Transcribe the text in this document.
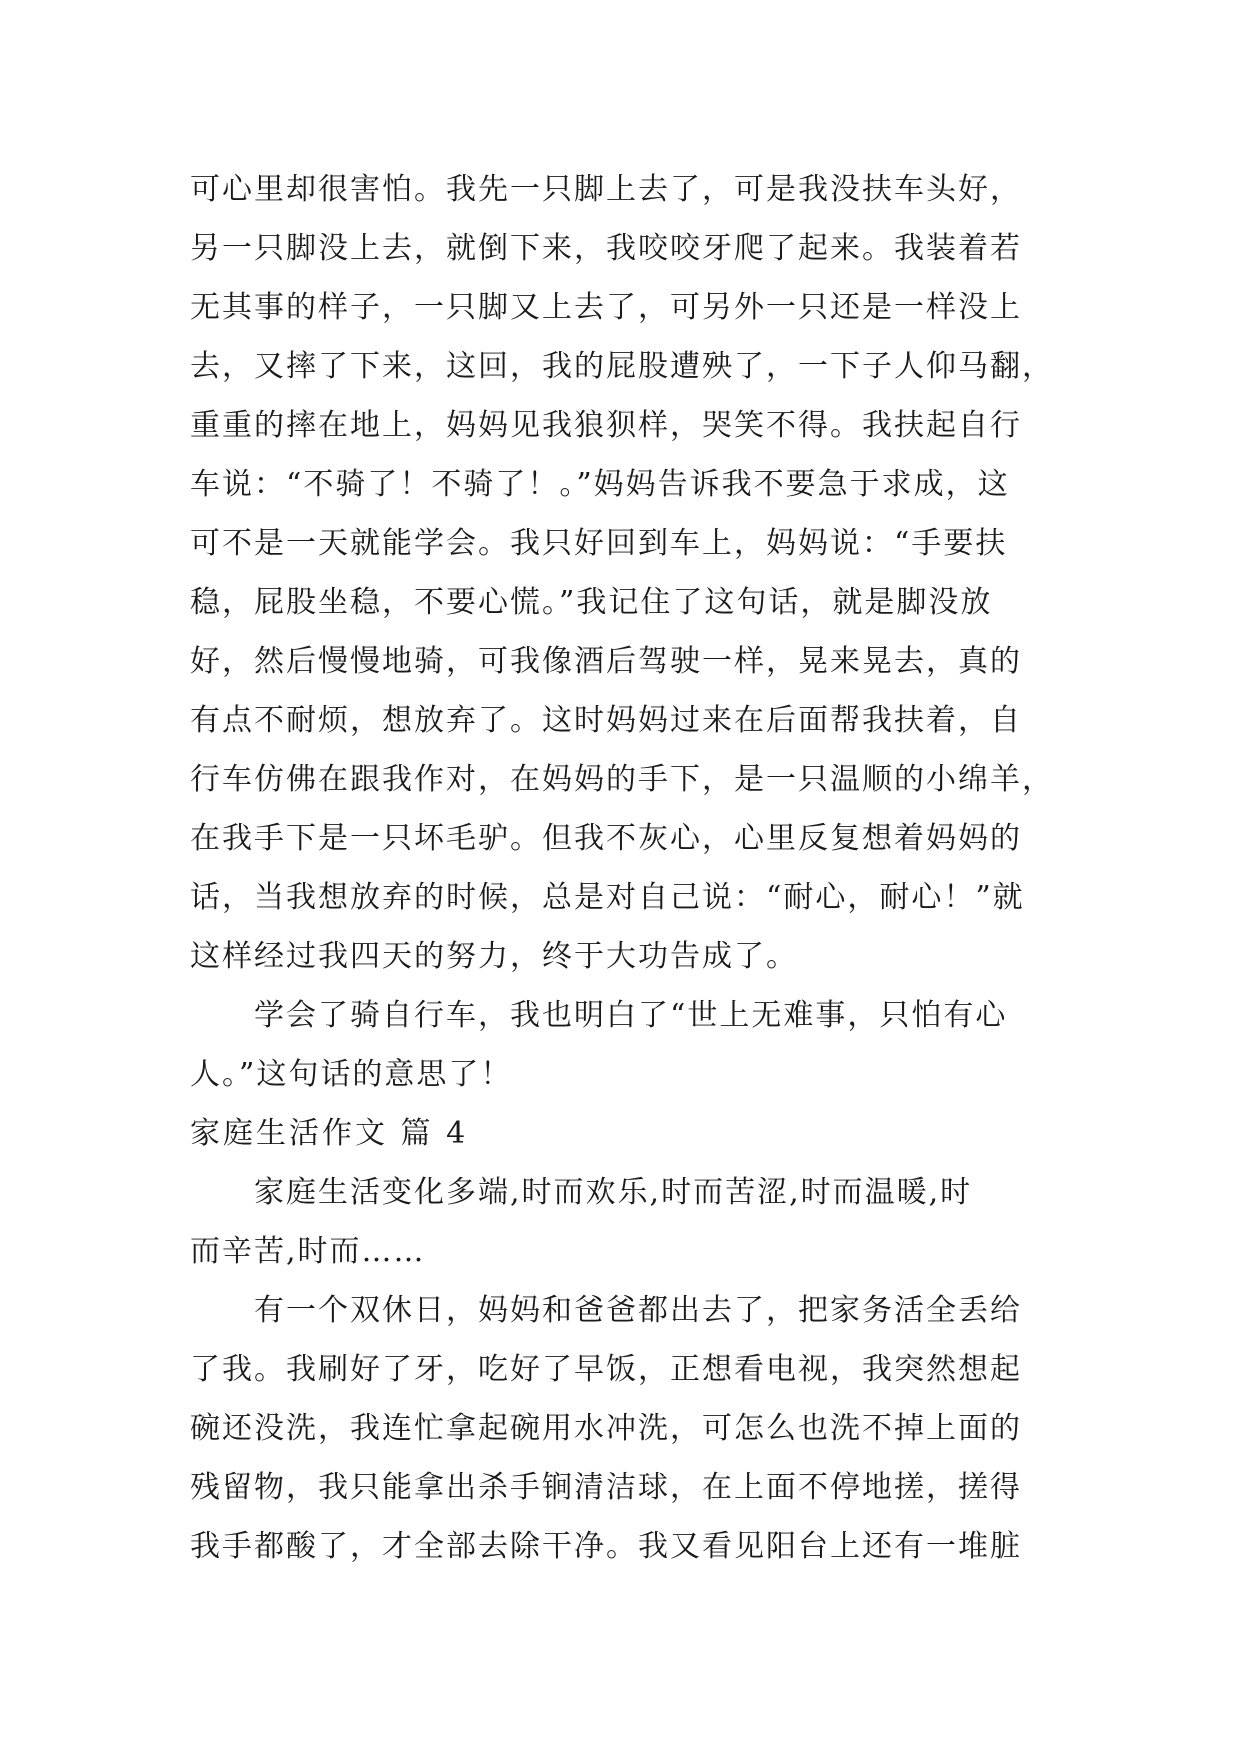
可心里却很害怕。我先一只脚上去了，可是我没扶车头好，
另一只脚没上去，就倒下来，我咬咬牙爬了起来。我装着若
无其事的样子，一只脚又上去了，可另外一只还是一样没上
去，又摔了下来，这回，我的屁股遭殃了，一下子人仰马翻，
重重的摔在地上，妈妈见我狼狈样，哭笑不得。我扶起自行
车说：“不骑了！不骑了！。”妈妈告诉我不要急于求成，这
可不是一天就能学会。我只好回到车上，妈妈说：“手要扶
稳，屁股坐稳，不要心慌。”我记住了这句话，就是脚没放
好，然后慢慢地骑，可我像酒后驾驶一样，晃来晃去，真的
有点不耐烦，想放弃了。这时妈妈过来在后面帮我扶着，自
行车仿佛在跟我作对，在妈妈的手下，是一只温顺的小绵羊，
在我手下是一只坏毛驴。但我不灰心，心里反复想着妈妈的
话，当我想放弃的时候，总是对自己说：“耐心，耐心！”就
这样经过我四天的努力，终于大功告成了。
学会了骑自行车，我也明白了“世上无难事，只怕有心
人。”这句话的意思了！
家庭生活作文 篇 4
家庭生活变化多端,时而欢乐,时而苦涩,时而温暖,时
而辛苦,时而……
有一个双休日，妈妈和爸爸都出去了，把家务活全丢给
了我。我刷好了牙，吃好了早饭，正想看电视，我突然想起
碗还没洗，我连忙拿起碗用水冲洗，可怎么也洗不掉上面的
残留物，我只能拿出杀手锏清洁球，在上面不停地搓，搓得
我手都酸了，才全部去除干净。我又看见阳台上还有一堆脏
